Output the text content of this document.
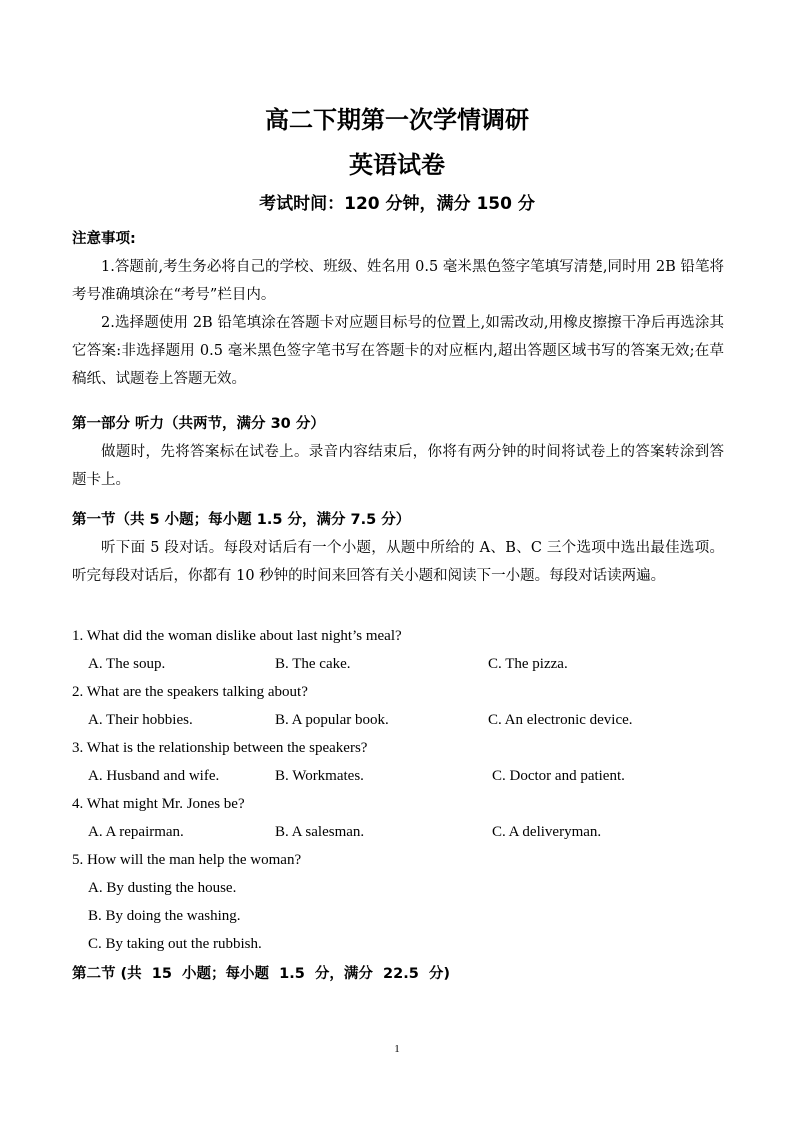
高二下期第一次学情调研
英语试卷
考试时间：120 分钟，满分 150 分
注意事项:
1.答题前,考生务必将自己的学校、班级、姓名用 0.5 毫米黑色签字笔填写清楚,同时用 2B 铅笔将考号准确填涂在“考号”栏目内。
2.选择题使用 2B 铅笔填涂在答题卡对应题目标号的位置上,如需改动,用橡皮擦擦干净后再选涂其它答案:非选择题用 0.5 毫米黑色签字笔书写在答题卡的对应框内,超出答题区域书写的答案无效;在草稿纸、试题卷上答题无效。
第一部分 听力（共两节，满分 30 分）
做题时，先将答案标在试卷上。录音内容结束后，你将有两分钟的时间将试卷上的答案转涂到答题卡上。
第一节（共 5 小题；每小题 1.5 分，满分 7.5 分）
听下面 5 段对话。每段对话后有一个小题，从题中所给的 A、B、C 三个选项中选出最佳选项。听完每段对话后，你都有 10 秒钟的时间来回答有关小题和阅读下一小题。每段对话读两遍。
1. What did the woman dislike about last night’s meal?
A. The soup.	B. The cake.	C. The pizza.
2. What are the speakers talking about?
A. Their hobbies.	B. A popular book.	C. An electronic device.
3. What is the relationship between the speakers?
A. Husband and wife.	B. Workmates.	C. Doctor and patient.
4. What might Mr. Jones be?
A. A repairman.	B. A salesman.	C. A deliveryman.
5. How will the man help the woman?
A. By dusting the house.
B. By doing the washing.
C. By taking out the rubbish.
第二节 (共  15  小题；每小题  1.5  分，满分  22.5  分)
1
